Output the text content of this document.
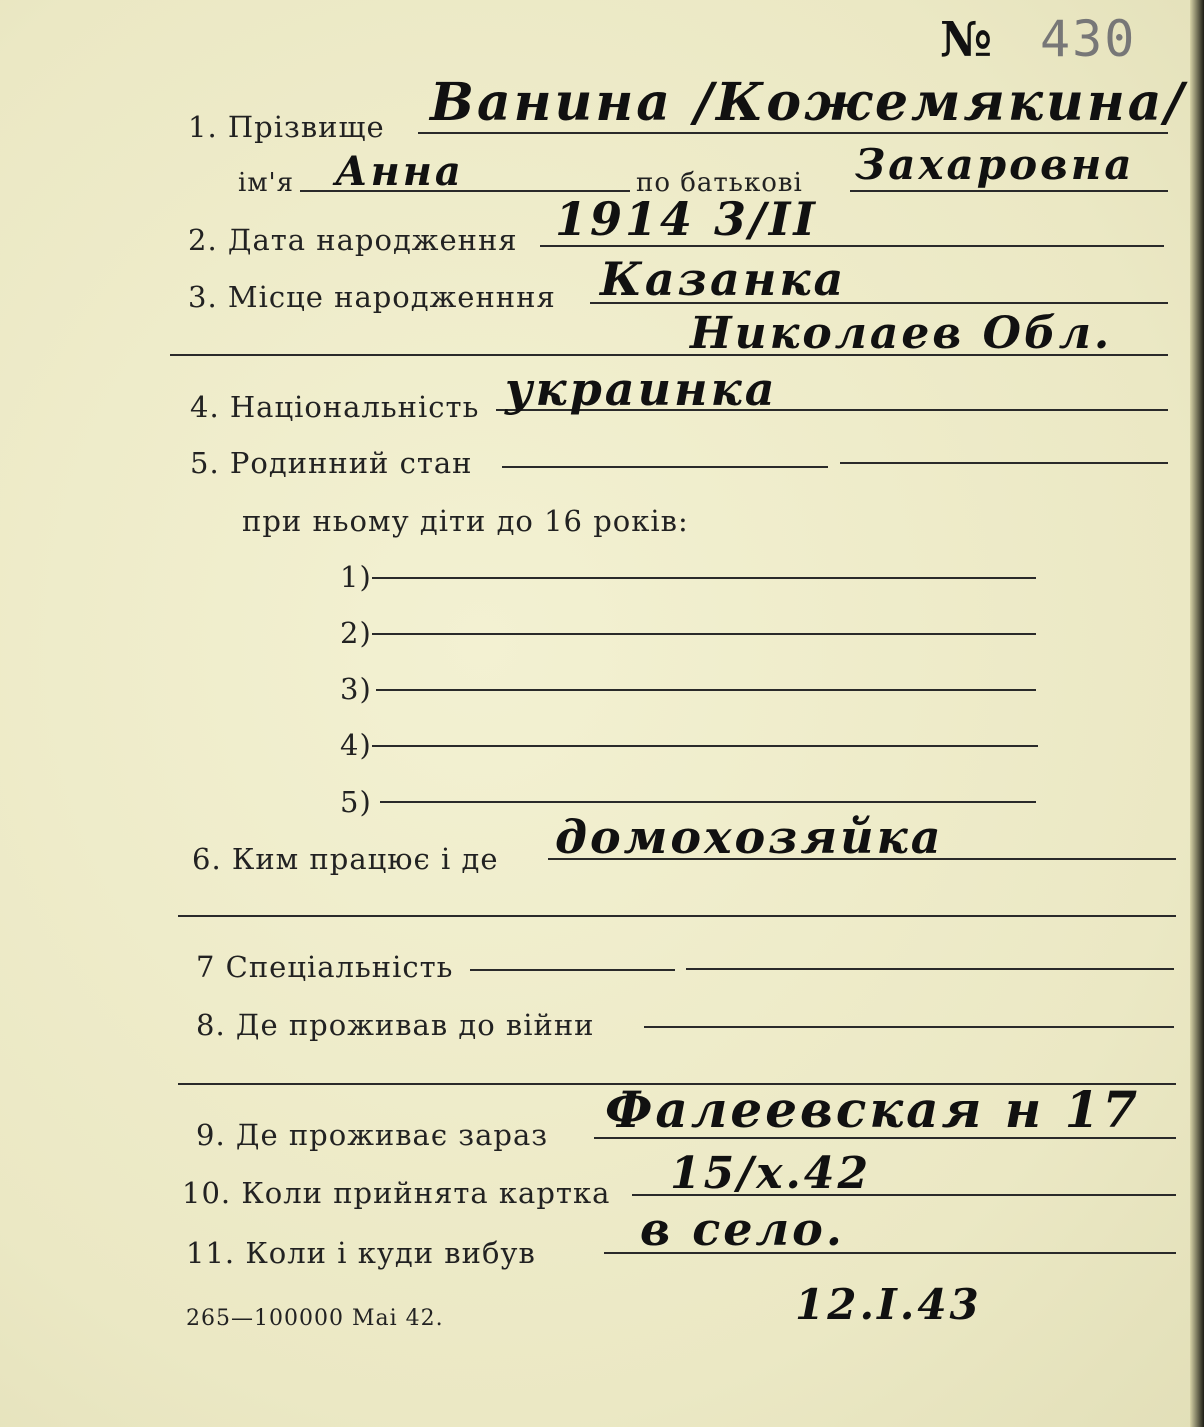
№ 430
1. Прізвище Ванина /Кожемякина/
ім'я Анна	по батькові Захаровна
2. Дата народження 1914 3/II
3. Місце народженння Казанка
Николаев Обл.
4. Національність украинка
5. Родинний стан
при ньому діти до 16 років:
1)
2)
3)
4)
5)
6. Ким працює і де домохозяйка
7 Спеціальність
8. Де проживав до війни
9. Де проживає зараз Фалеевская н 17
10. Коли прийнята картка 15/х.42
11. Коли і куди вибув в село.
12.I.43
265—100000 Mai 42.
